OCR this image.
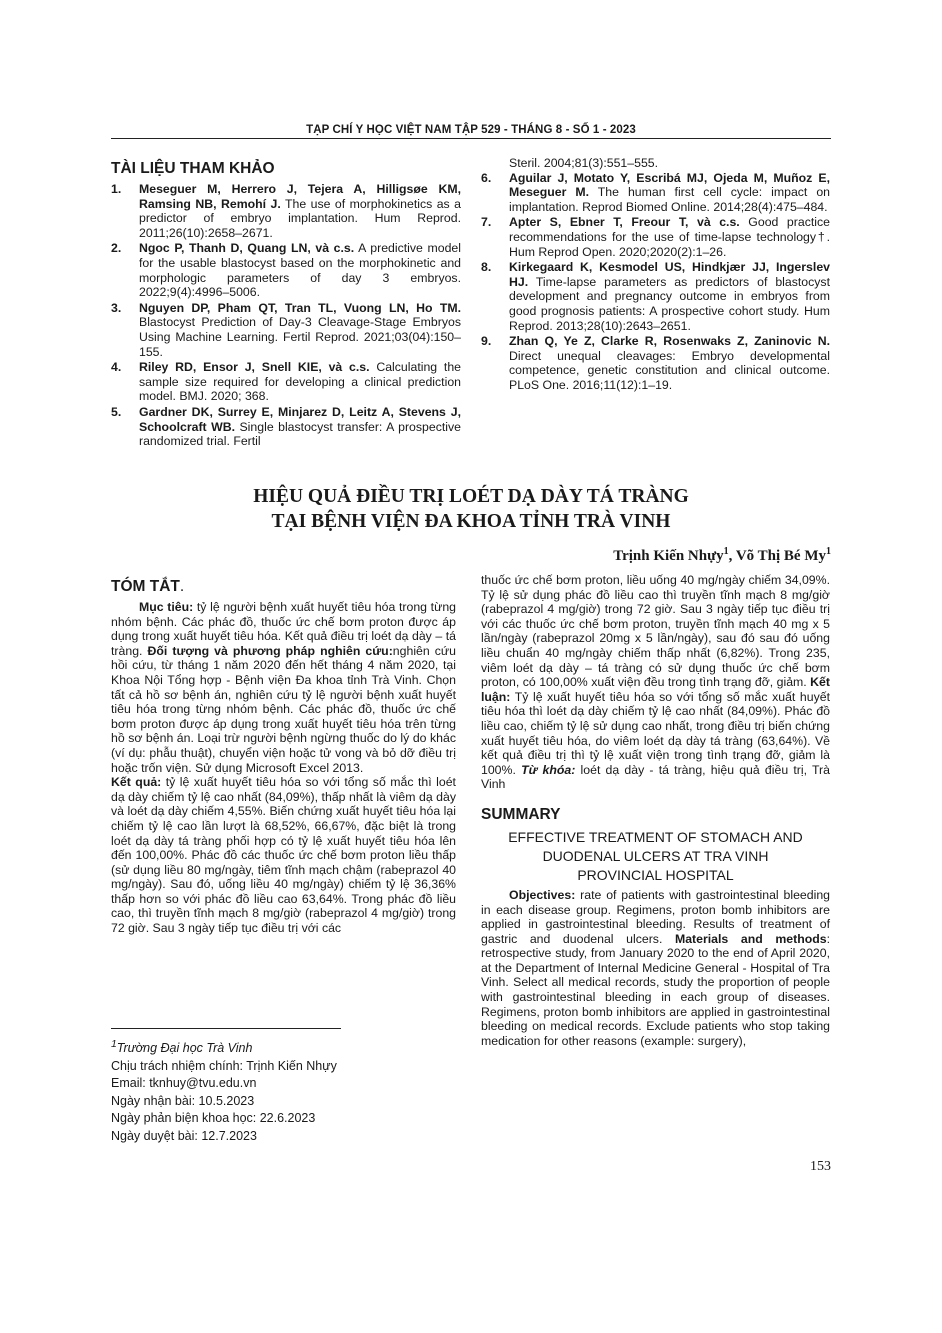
TẠP CHÍ Y HỌC VIỆT NAM TẬP 529 - THÁNG 8 - SỐ 1 - 2023
TÀI LIỆU THAM KHẢO
1.	Meseguer M, Herrero J, Tejera A, Hilligsøe KM, Ramsing NB, Remohí J. The use of morphokinetics as a predictor of embryo implantation. Hum Reprod. 2011;26(10):2658–2671.
2.	Ngoc P, Thanh D, Quang LN, và c.s. A predictive model for the usable blastocyst based on the morphokinetic and morphologic parameters of day 3 embryos. 2022;9(4):4996–5006.
3.	Nguyen DP, Pham QT, Tran TL, Vuong LN, Ho TM. Blastocyst Prediction of Day-3 Cleavage-Stage Embryos Using Machine Learning. Fertil Reprod. 2021;03(04):150–155.
4.	Riley RD, Ensor J, Snell KIE, và c.s. Calculating the sample size required for developing a clinical prediction model. BMJ. 2020; 368.
5.	Gardner DK, Surrey E, Minjarez D, Leitz A, Stevens J, Schoolcraft WB. Single blastocyst transfer: A prospective randomized trial. Fertil
Steril. 2004;81(3):551–555.
6.	Aguilar J, Motato Y, Escribá MJ, Ojeda M, Muñoz E, Meseguer M. The human first cell cycle: impact on implantation. Reprod Biomed Online. 2014;28(4):475–484.
7.	Apter S, Ebner T, Freour T, và c.s. Good practice recommendations for the use of time-lapse technology†. Hum Reprod Open. 2020;2020(2):1–26.
8.	Kirkegaard K, Kesmodel US, Hindkjær JJ, Ingerslev HJ. Time-lapse parameters as predictors of blastocyst development and pregnancy outcome in embryos from good prognosis patients: A prospective cohort study. Hum Reprod. 2013;28(10):2643–2651.
9.	Zhan Q, Ye Z, Clarke R, Rosenwaks Z, Zaninovic N. Direct unequal cleavages: Embryo developmental competence, genetic constitution and clinical outcome. PLoS One. 2016;11(12):1–19.
HIỆU QUẢ ĐIỀU TRỊ LOÉT DẠ DÀY TÁ TRÀNG
TẠI BỆNH VIỆN ĐA KHOA TỈNH TRÀ VINH
Trịnh Kiến Nhựy$^1$, Võ Thị Bé My$^1$
TÓM TẮT.

Mục tiêu: tỷ lệ người bệnh xuất huyết tiêu hóa trong từng nhóm bệnh. Các phác đồ, thuốc ức chế bơm proton được áp dụng trong xuất huyết tiêu hóa. Kết quả điều trị loét dạ dày – tá tràng. Đối tượng và phương pháp nghiên cứu:nghiên cứu hồi cứu, từ tháng 1 năm 2020 đến hết tháng 4 năm 2020, tại Khoa Nội Tổng hợp - Bệnh viện Đa khoa tỉnh Trà Vinh. Chọn tất cả hồ sơ bệnh án, nghiên cứu tỷ lệ người bệnh xuất huyết tiêu hóa trong từng nhóm bệnh. Các phác đồ, thuốc ức chế bơm proton được áp dụng trong xuất huyết tiêu hóa trên từng hồ sơ bệnh án. Loại trừ người bệnh ngừng thuốc do lý do khác (ví dụ: phẫu thuật), chuyển viện hoặc tử vong và bỏ dỡ điều trị hoặc trốn viện. Sử dụng Microsoft Excel 2013.

Kết quả: tỷ lệ xuất huyết tiêu hóa so với tổng số mắc thì loét dạ dày chiếm tỷ lệ cao nhất (84,09%), thấp nhất là viêm dạ dày và loét dạ dày chiếm 4,55%. Biến chứng xuất huyết tiêu hóa lại chiếm tỷ lệ cao lần lượt là 68,52%, 66,67%, đặc biệt là trong loét dạ dày tá tràng phối hợp có tỷ lệ xuất huyết tiêu hóa lên đến 100,00%. Phác đồ các thuốc ức chế bơm proton liều thấp (sử dụng liều 80 mg/ngày, tiêm tĩnh mạch chậm (rabeprazol 40 mg/ngày). Sau đó, uống liều 40 mg/ngày) chiếm tỷ lệ 36,36% thấp hơn so với phác đồ liều cao 63,64%. Trong phác đồ liều cao, thì truyền tĩnh mạch 8 mg/giờ (rabeprazol 4 mg/giờ) trong 72 giờ. Sau 3 ngày tiếp tục điều trị với các

thuốc ức chế bơm proton, liều uống 40 mg/ngày chiếm 34,09%. Tỷ lệ sử dụng phác đồ liều cao thì truyền tĩnh mạch 8 mg/giờ (rabeprazol 4 mg/giờ) trong 72 giờ. Sau 3 ngày tiếp tục điều trị với các thuốc ức chế bơm proton, truyền tĩnh mạch 40 mg x 5 lần/ngày (rabeprazol 20mg x 5 lần/ngày), sau đó sau đó uống liều chuẩn 40 mg/ngày chiếm thấp nhất (6,82%). Trong 235, viêm loét dạ dày – tá tràng có sử dụng thuốc ức chế bơm proton, có 100,00% xuất viện đều trong tình trạng đỡ, giảm. Kết luận: Tỷ lệ xuất huyết tiêu hóa so với tổng số mắc xuất huyết tiêu hóa thì loét dạ dày chiếm tỷ lệ cao nhất (84,09%). Phác đồ liều cao, chiếm tỷ lệ sử dụng cao nhất, trong điều trị biến chứng xuất huyết tiêu hóa, do viêm loét dạ dày tá tràng (63,64%). Về kết quả điều trị thì tỷ lệ xuất viện trong tình trạng đỡ, giảm là 100%. Từ khóa: loét dạ dày - tá tràng, hiệu quả điều trị, Trà Vinh

SUMMARY
EFFECTIVE TREATMENT OF STOMACH AND
DUODENAL ULCERS AT TRA VINH
PROVINCIAL HOSPITAL

Objectives: rate of patients with gastrointestinal bleeding in each disease group. Regimens, proton bomb inhibitors are applied in gastrointestinal bleeding. Results of treatment of gastric and duodenal ulcers. Materials and methods: retrospective study, from January 2020 to the end of April 2020, at the Department of Internal Medicine General - Hospital of Tra Vinh. Select all medical records, study the proportion of people with gastrointestinal bleeding in each group of diseases. Regimens, proton bomb inhibitors are applied in gastrointestinal bleeding on medical records. Exclude patients who stop taking medication for other reasons (example: surgery),

$^1$Trường Đại học Trà Vinh
Chịu trách nhiệm chính: Trịnh Kiến Nhựy
Email: tknhuy@tvu.edu.vn
Ngày nhận bài: 10.5.2023
Ngày phản biện khoa học: 22.6.2023
Ngày duyệt bài: 12.7.2023
153
